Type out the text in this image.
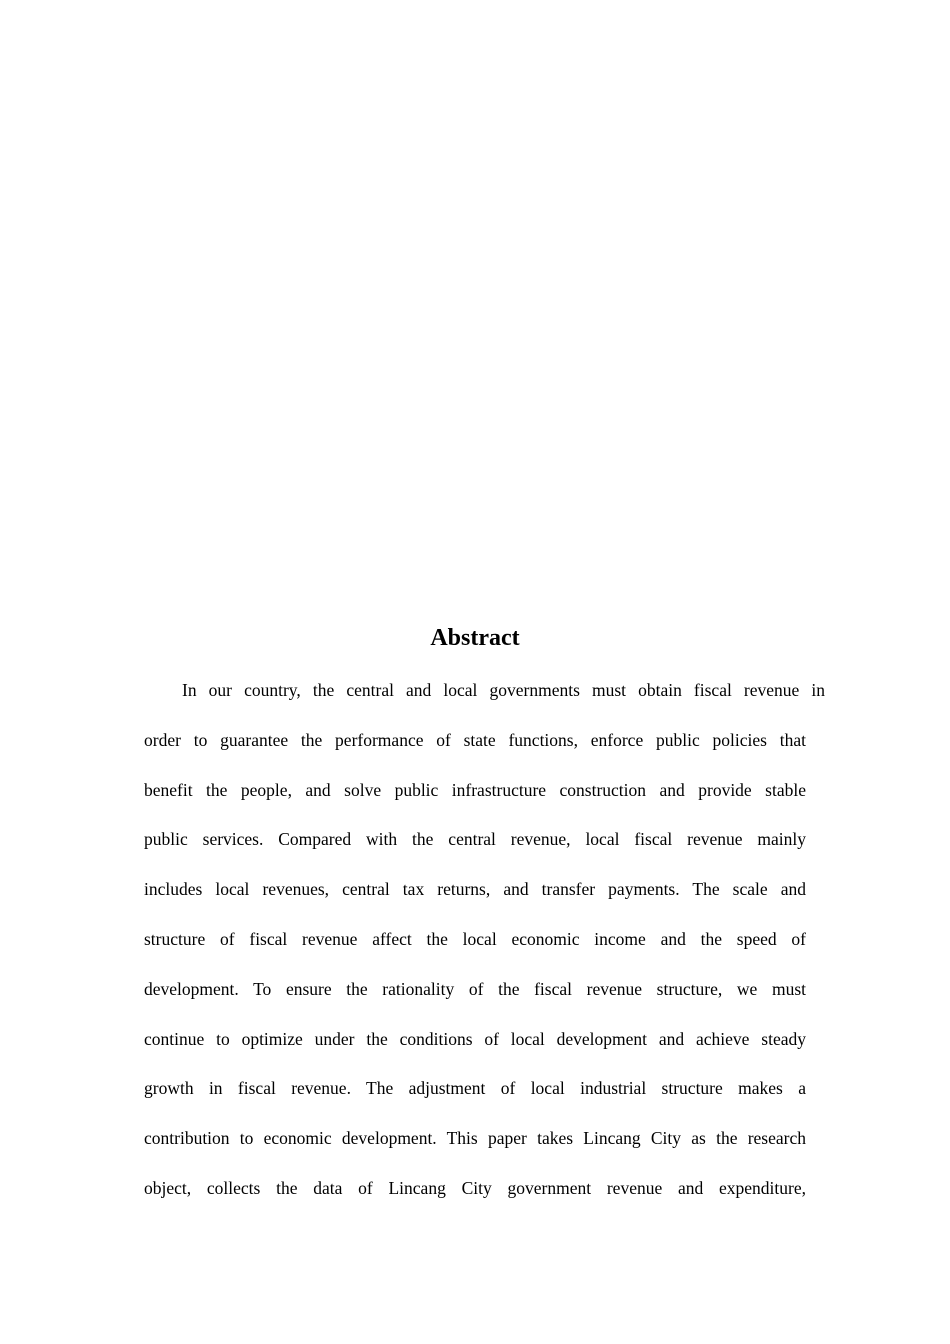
Abstract
In our country, the central and local governments must obtain fiscal revenue in
order to guarantee the performance of state functions, enforce public policies that
benefit the people, and solve public infrastructure construction and provide stable
public services. Compared with the central revenue, local fiscal revenue mainly
includes local revenues, central tax returns, and transfer payments. The scale and
structure of fiscal revenue affect the local economic income and the speed of
development. To ensure the rationality of the fiscal revenue structure, we must
continue to optimize under the conditions of local development and achieve steady
growth in fiscal revenue. The adjustment of local industrial structure makes a
contribution to economic development. This paper takes Lincang City as the research
object, collects the data of Lincang City government revenue and expenditure,
